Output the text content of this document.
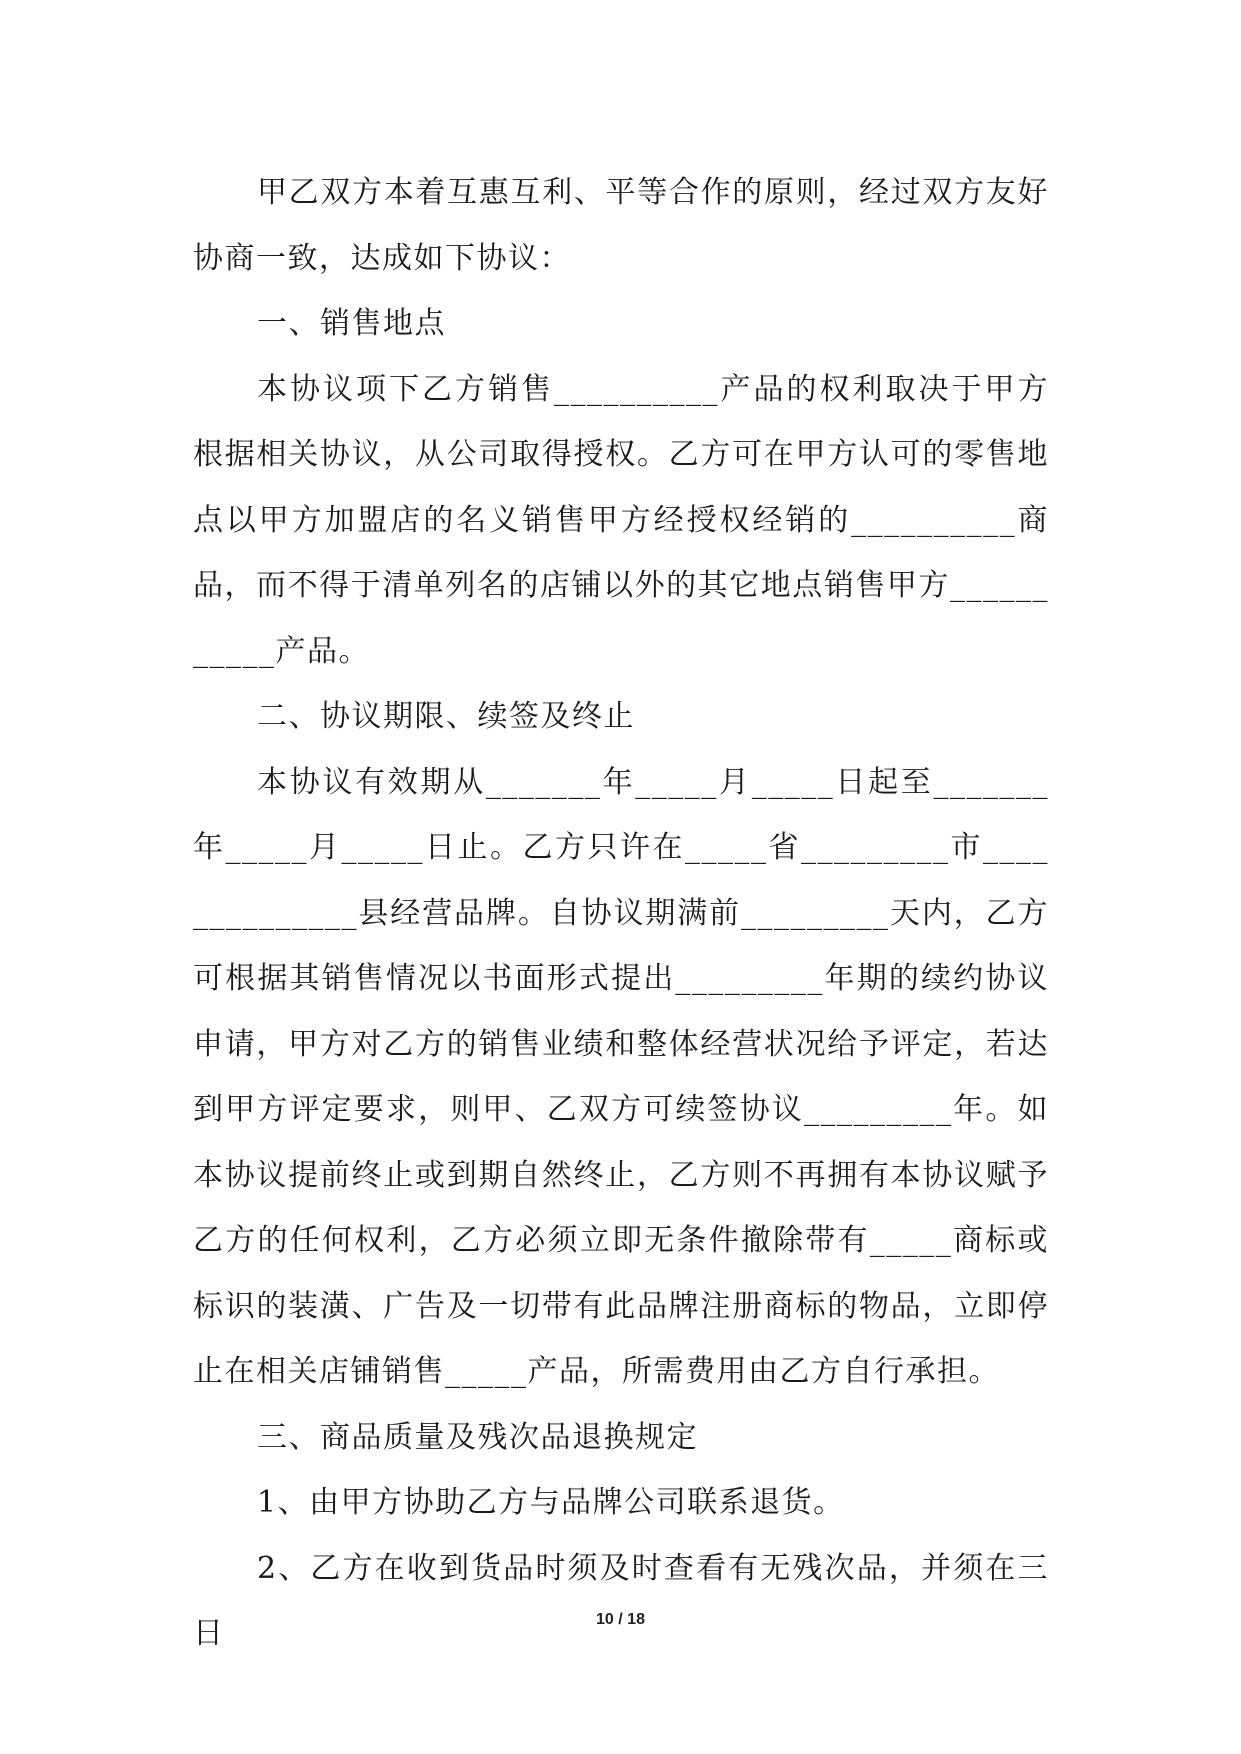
甲乙双方本着互惠互利、平等合作的原则，经过双方友好协商一致，达成如下协议：

一、销售地点

本协议项下乙方销售__________产品的权利取决于甲方根据相关协议，从公司取得授权。乙方可在甲方认可的零售地点以甲方加盟店的名义销售甲方经授权经销的__________商品，而不得于清单列名的店铺以外的其它地点销售甲方___________产品。

二、协议期限、续签及终止

本协议有效期从_______年_____月_____日起至_______年_____月_____日止。乙方只许在_____省_________市______________县经营品牌。自协议期满前_________天内，乙方可根据其销售情况以书面形式提出_________年期的续约协议申请，甲方对乙方的销售业绩和整体经营状况给予评定，若达到甲方评定要求，则甲、乙双方可续签协议_________年。如本协议提前终止或到期自然终止，乙方则不再拥有本协议赋予乙方的任何权利，乙方必须立即无条件撤除带有_____商标或标识的装潢、广告及一切带有此品牌注册商标的物品，立即停止在相关店铺销售_____产品，所需费用由乙方自行承担。

三、商品质量及残次品退换规定

1、由甲方协助乙方与品牌公司联系退货。

2、乙方在收到货品时须及时查看有无残次品，并须在三日	10 / 18
